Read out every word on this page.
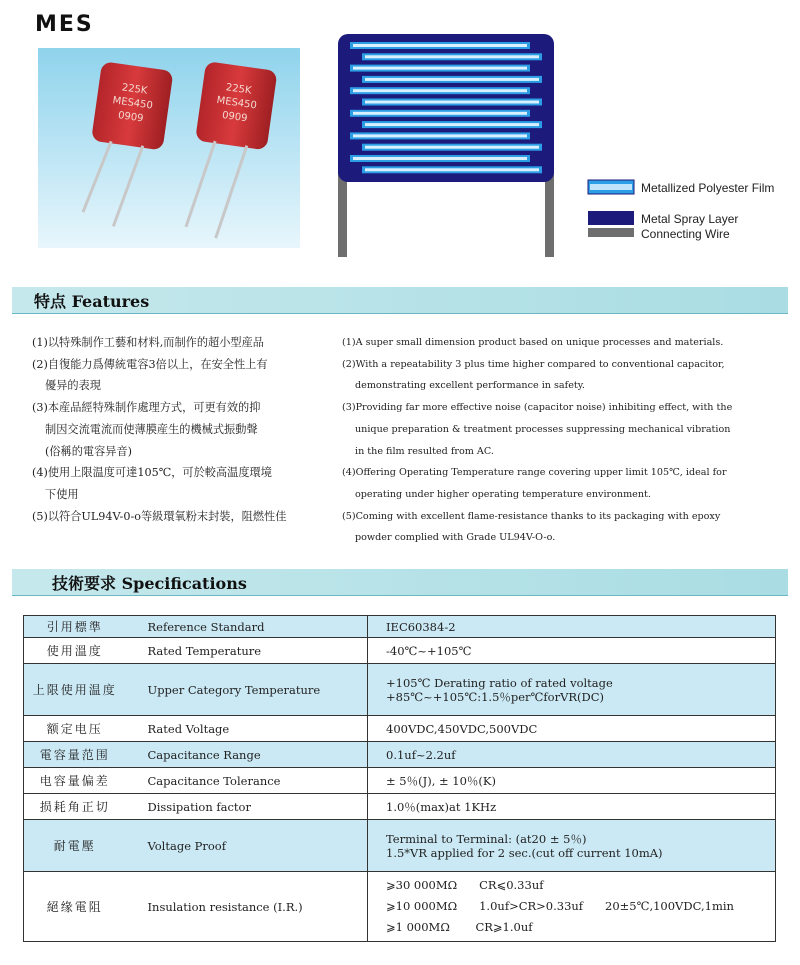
MES
225K
MES450
0909
225K
MES450
0909
Metallized Polyester Film
Metal Spray Layer
Connecting Wire
特点 Features
(1)以特殊制作工藝和材料,而制作的超小型産品
(2)自復能力爲傳統電容3倍以上，在安全性上有
優异的表現
(3)本産品經特殊制作處理方式，可更有效的抑
制因交流電流而使薄膜産生的機械式振動聲
(俗稱的電容异音)
(4)使用上限温度可達105℃，可於較高温度環境
下使用
(5)以符合UL94V-0-o等級環氧粉末封裝，阻燃性佳
(1)A super small dimension product based on unique processes and materials.
(2)With a repeatability 3 plus time higher compared to conventional capacitor,
demonstrating excellent performance in safety.
(3)Providing far more effective noise (capacitor noise) inhibiting effect, with the
unique preparation & treatment processes suppressing mechanical vibration
in the film resulted from AC.
(4)Offering Operating Temperature range covering upper limit 105℃, ideal for
operating under higher operating temperature environment.
(5)Coming with excellent flame-resistance thanks to its packaging with epoxy
powder complied with Grade UL94V-O-o.
技術要求 Specifications
引用標準	Reference Standard	IEC60384-2

使用溫度	Rated Temperature	-40℃~+105℃

上限使用温度	Upper Category Temperature	+105℃ Derating ratio of rated voltage
+85℃~+105℃:1.5％per℃forVR(DC)

额定电压	Rated Voltage	400VDC,450VDC,500VDC

電容量范围	Capacitance Range	0.1uf~2.2uf

电容量偏差	Capacitance Tolerance	± 5％(J), ± 10％(K)

损耗角正切	Dissipation factor	1.0％(max)at 1KHz

耐電壓	Voltage Proof	Terminal to Terminal: (at20 ± 5％)
1.5*VR applied for 2 sec.(cut off current 10mA)

絕缘電阻	Insulation resistance (I.R.)	⩾30 000MΩ      CR⩽0.33uf
⩾10 000MΩ      1.0uf>CR>0.33uf      20±5℃,100VDC,1min
⩾1 000MΩ       CR⩾1.0uf
